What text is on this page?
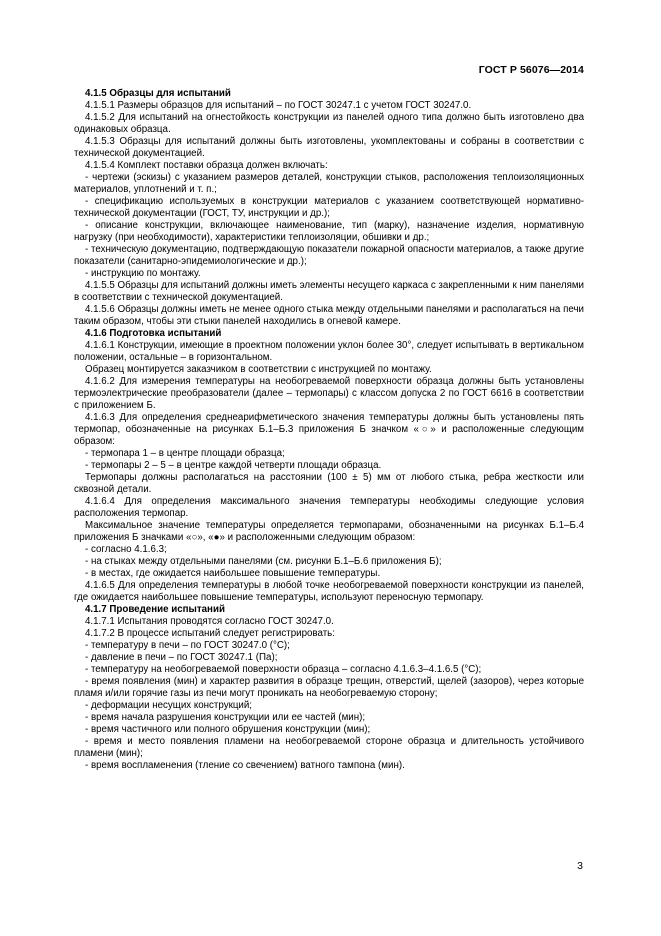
ГОСТ Р 56076—2014

4.1.5 Образцы для испытаний

4.1.5.1 Размеры образцов для испытаний – по ГОСТ 30247.1 с учетом ГОСТ 30247.0.

4.1.5.2 Для испытаний на огнестойкость конструкции из панелей одного типа должно быть изготовлено два одинаковых образца.

4.1.5.3 Образцы для испытаний должны быть изготовлены, укомплектованы и собраны в соответствии с технической документацией.

4.1.5.4 Комплект поставки образца должен включать:

- чертежи (эскизы) с указанием размеров деталей, конструкции стыков, расположения теплоизоляционных материалов, уплотнений и т. п.;

- спецификацию используемых в конструкции материалов с указанием соответствующей нормативно-технической документации (ГОСТ, ТУ, инструкции и др.);

- описание конструкции, включающее наименование, тип (марку), назначение изделия, нормативную нагрузку (при необходимости), характеристики теплоизоляции, обшивки и др.;

- техническую документацию, подтверждающую показатели пожарной опасности материалов, а также другие показатели (санитарно-эпидемиологические и др.);

- инструкцию по монтажу.

4.1.5.5 Образцы для испытаний должны иметь элементы несущего каркаса с закрепленными к ним панелями в соответствии с технической документацией.

4.1.5.6 Образцы должны иметь не менее одного стыка между отдельными панелями и располагаться на печи таким образом, чтобы эти стыки панелей находились в огневой камере.

4.1.6 Подготовка испытаний

4.1.6.1 Конструкции, имеющие в проектном положении уклон более 30°, следует испытывать в вертикальном положении, остальные – в горизонтальном.

Образец монтируется заказчиком в соответствии с инструкцией по монтажу.

4.1.6.2 Для измерения температуры на необогреваемой поверхности образца должны быть установлены термоэлектрические преобразователи (далее – термопары) с классом допуска 2 по ГОСТ 6616 в соответствии с приложением Б.

4.1.6.3 Для определения среднеарифметического значения температуры должны быть установлены пять термопар, обозначенные на рисунках Б.1–Б.3 приложения Б значком «○» и расположенные следующим образом:

- термопара 1 – в центре площади образца;

- термопары 2 – 5 – в центре каждой четверти площади образца.

Термопары должны располагаться на расстоянии (100 ± 5) мм от любого стыка, ребра жесткости или сквозной детали.

4.1.6.4 Для определения максимального значения температуры необходимы следующие условия расположения термопар.

Максимальное значение температуры определяется термопарами, обозначенными на рисунках Б.1–Б.4 приложения Б значками «○», «●» и расположенными следующим образом:

- согласно 4.1.6.3;

- на стыках между отдельными панелями (см. рисунки Б.1–Б.6 приложения Б);

- в местах, где ожидается наибольшее повышение температуры.

4.1.6.5 Для определения температуры в любой точке необогреваемой поверхности конструкции из панелей, где ожидается наибольшее повышение температуры, используют переносную термопару.

4.1.7 Проведение испытаний

4.1.7.1 Испытания проводятся согласно ГОСТ 30247.0.

4.1.7.2 В процессе испытаний следует регистрировать:

- температуру в печи – по ГОСТ 30247.0 (°С);

- давление в печи – по ГОСТ 30247.1 (Па);

- температуру на необогреваемой поверхности образца – согласно 4.1.6.3–4.1.6.5 (°С);

- время появления (мин) и характер развития в образце трещин, отверстий, щелей (зазоров), через которые пламя и/или горячие газы из печи могут проникать на необогреваемую сторону;

- деформации несущих конструкций;

- время начала разрушения конструкции или ее частей (мин);

- время частичного или полного обрушения конструкции (мин);

- время и место появления пламени на необогреваемой стороне образца и длительность устойчивого пламени (мин);

- время воспламенения (тление со свечением) ватного тампона (мин).

3
